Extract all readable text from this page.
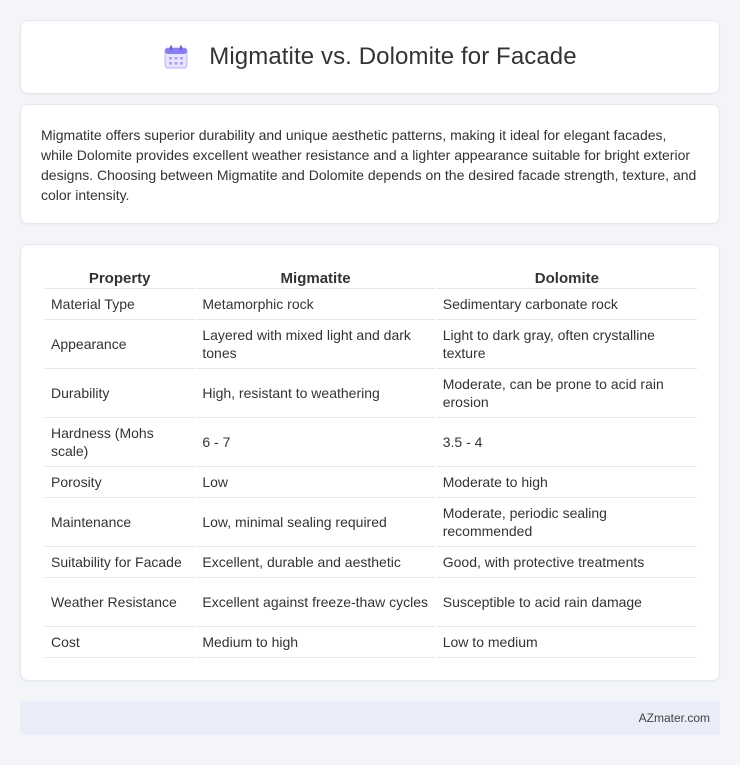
Migmatite vs. Dolomite for Facade

Migmatite offers superior durability and unique aesthetic patterns, making it ideal for elegant facades, while Dolomite provides excellent weather resistance and a lighter appearance suitable for bright exterior designs. Choosing between Migmatite and Dolomite depends on the desired facade strength, texture, and color intensity.

Property	Migmatite	Dolomite
Material Type	Metamorphic rock	Sedimentary carbonate rock
Appearance	Layered with mixed light and dark tones	Light to dark gray, often crystalline texture
Durability	High, resistant to weathering	Moderate, can be prone to acid rain erosion
Hardness (Mohs scale)	6 - 7	3.5 - 4
Porosity	Low	Moderate to high
Maintenance	Low, minimal sealing required	Moderate, periodic sealing recommended
Suitability for Facade	Excellent, durable and aesthetic	Good, with protective treatments
Weather Resistance	Excellent against freeze-thaw cycles	Susceptible to acid rain damage
Cost	Medium to high	Low to medium
AZmater.com
